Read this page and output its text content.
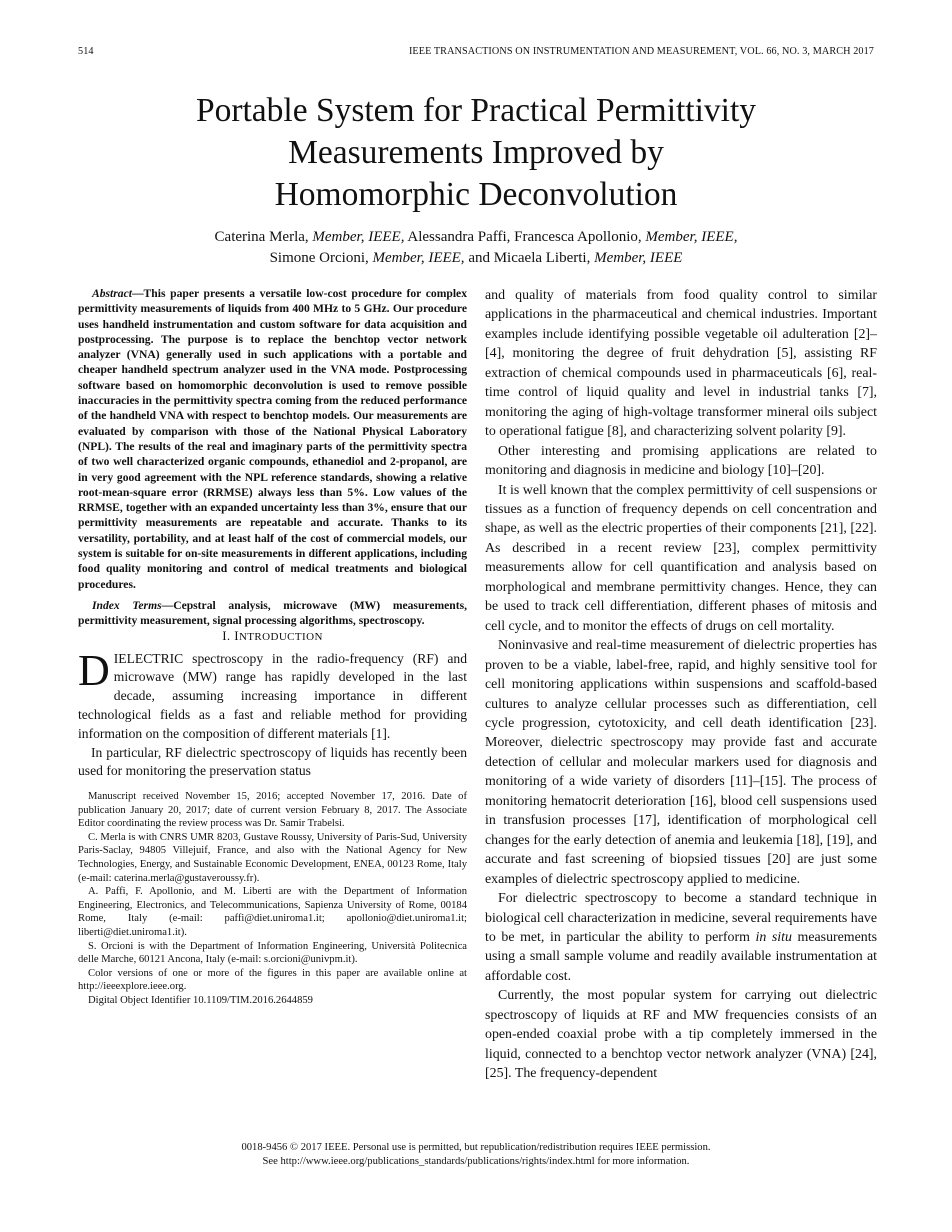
514	IEEE TRANSACTIONS ON INSTRUMENTATION AND MEASUREMENT, VOL. 66, NO. 3, MARCH 2017
Portable System for Practical Permittivity
Measurements Improved by
Homomorphic Deconvolution
Caterina Merla, Member, IEEE, Alessandra Paffi, Francesca Apollonio, Member, IEEE,
Simone Orcioni, Member, IEEE, and Micaela Liberti, Member, IEEE

Abstract—This paper presents a versatile low-cost procedure for complex permittivity measurements of liquids from 400 MHz to 5 GHz. Our procedure uses handheld instrumentation and custom software for data acquisition and postprocessing. The purpose is to replace the benchtop vector network analyzer (VNA) generally used in such applications with a portable and cheaper handheld spectrum analyzer used in the VNA mode. Postprocessing software based on homomorphic deconvolution is used to remove possible inaccuracies in the permittivity spectra coming from the reduced performance of the handheld VNA with respect to benchtop models. Our measurements are evaluated by comparison with those of the National Physical Laboratory (NPL). The results of the real and imaginary parts of the permittivity spectra of two well characterized organic compounds, ethanediol and 2-propanol, are in very good agreement with the NPL reference standards, showing a relative root-mean-square error (RRMSE) always less than 5%. Low values of the RRMSE, together with an expanded uncertainty less than 3%, ensure that our permittivity measurements are repeatable and accurate. Thanks to its versatility, portability, and at least half of the cost of commercial models, our system is suitable for on-site measurements in different applications, including food quality monitoring and control of medical treatments and biological procedures.

Index Terms—Cepstral analysis, microwave (MW) measurements, permittivity measurement, signal processing algorithms, spectroscopy.

I. INTRODUCTION

DIELECTRIC spectroscopy in the radio-frequency (RF) and microwave (MW) range has rapidly developed in the last decade, assuming increasing importance in different technological fields as a fast and reliable method for providing information on the composition of different materials [1].

In particular, RF dielectric spectroscopy of liquids has recently been used for monitoring the preservation status

Manuscript received November 15, 2016; accepted November 17, 2016. Date of publication January 20, 2017; date of current version February 8, 2017. The Associate Editor coordinating the review process was Dr. Samir Trabelsi.

C. Merla is with CNRS UMR 8203, Gustave Roussy, University of Paris-Sud, University Paris-Saclay, 94805 Villejuif, France, and also with the National Agency for New Technologies, Energy, and Sustainable Economic Development, ENEA, 00123 Rome, Italy (e-mail: caterina.merla@gustaveroussy.fr).

A. Paffi, F. Apollonio, and M. Liberti are with the Department of Information Engineering, Electronics, and Telecommunications, Sapienza University of Rome, 00184 Rome, Italy (e-mail: paffi@diet.uniroma1.it; apollonio@diet.uniroma1.it; liberti@diet.uniroma1.it).

S. Orcioni is with the Department of Information Engineering, Università Politecnica delle Marche, 60121 Ancona, Italy (e-mail: s.orcioni@univpm.it).

Color versions of one or more of the figures in this paper are available online at http://ieeexplore.ieee.org.

Digital Object Identifier 10.1109/TIM.2016.2644859

and quality of materials from food quality control to similar applications in the pharmaceutical and chemical industries. Important examples include identifying possible vegetable oil adulteration [2]–[4], monitoring the degree of fruit dehydration [5], assisting RF extraction of chemical compounds used in pharmaceuticals [6], real-time control of liquid quality and level in industrial tanks [7], monitoring the aging of high-voltage transformer mineral oils subject to operational fatigue [8], and characterizing solvent polarity [9].

Other interesting and promising applications are related to monitoring and diagnosis in medicine and biology [10]–[20].

It is well known that the complex permittivity of cell suspensions or tissues as a function of frequency depends on cell concentration and shape, as well as the electric properties of their components [21], [22]. As described in a recent review [23], complex permittivity measurements allow for cell quantification and analysis based on morphological and membrane permittivity changes. Hence, they can be used to track cell differentiation, different phases of mitosis and cell cycle, and to monitor the effects of drugs on cell mortality.

Noninvasive and real-time measurement of dielectric properties has proven to be a viable, label-free, rapid, and highly sensitive tool for cell monitoring applications within suspensions and scaffold-based cultures to analyze cellular processes such as differentiation, cell cycle progression, cytotoxicity, and cell death identification [23]. Moreover, dielectric spectroscopy may provide fast and accurate detection of cellular and molecular markers used for diagnosis and monitoring of a wide variety of disorders [11]–[15]. The process of monitoring hematocrit deterioration [16], blood cell suspensions used in transfusion processes [17], identification of morphological cell changes for the early detection of anemia and leukemia [18], [19], and accurate and fast screening of biopsied tissues [20] are just some examples of dielectric spectroscopy applied to medicine.

For dielectric spectroscopy to become a standard technique in biological cell characterization in medicine, several requirements have to be met, in particular the ability to perform in situ measurements using a small sample volume and readily available instrumentation at affordable cost.

Currently, the most popular system for carrying out dielectric spectroscopy of liquids at RF and MW frequencies consists of an open-ended coaxial probe with a tip completely immersed in the liquid, connected to a benchtop vector network analyzer (VNA) [24], [25]. The frequency-dependent

0018-9456 © 2017 IEEE. Personal use is permitted, but republication/redistribution requires IEEE permission.
See http://www.ieee.org/publications_standards/publications/rights/index.html for more information.
